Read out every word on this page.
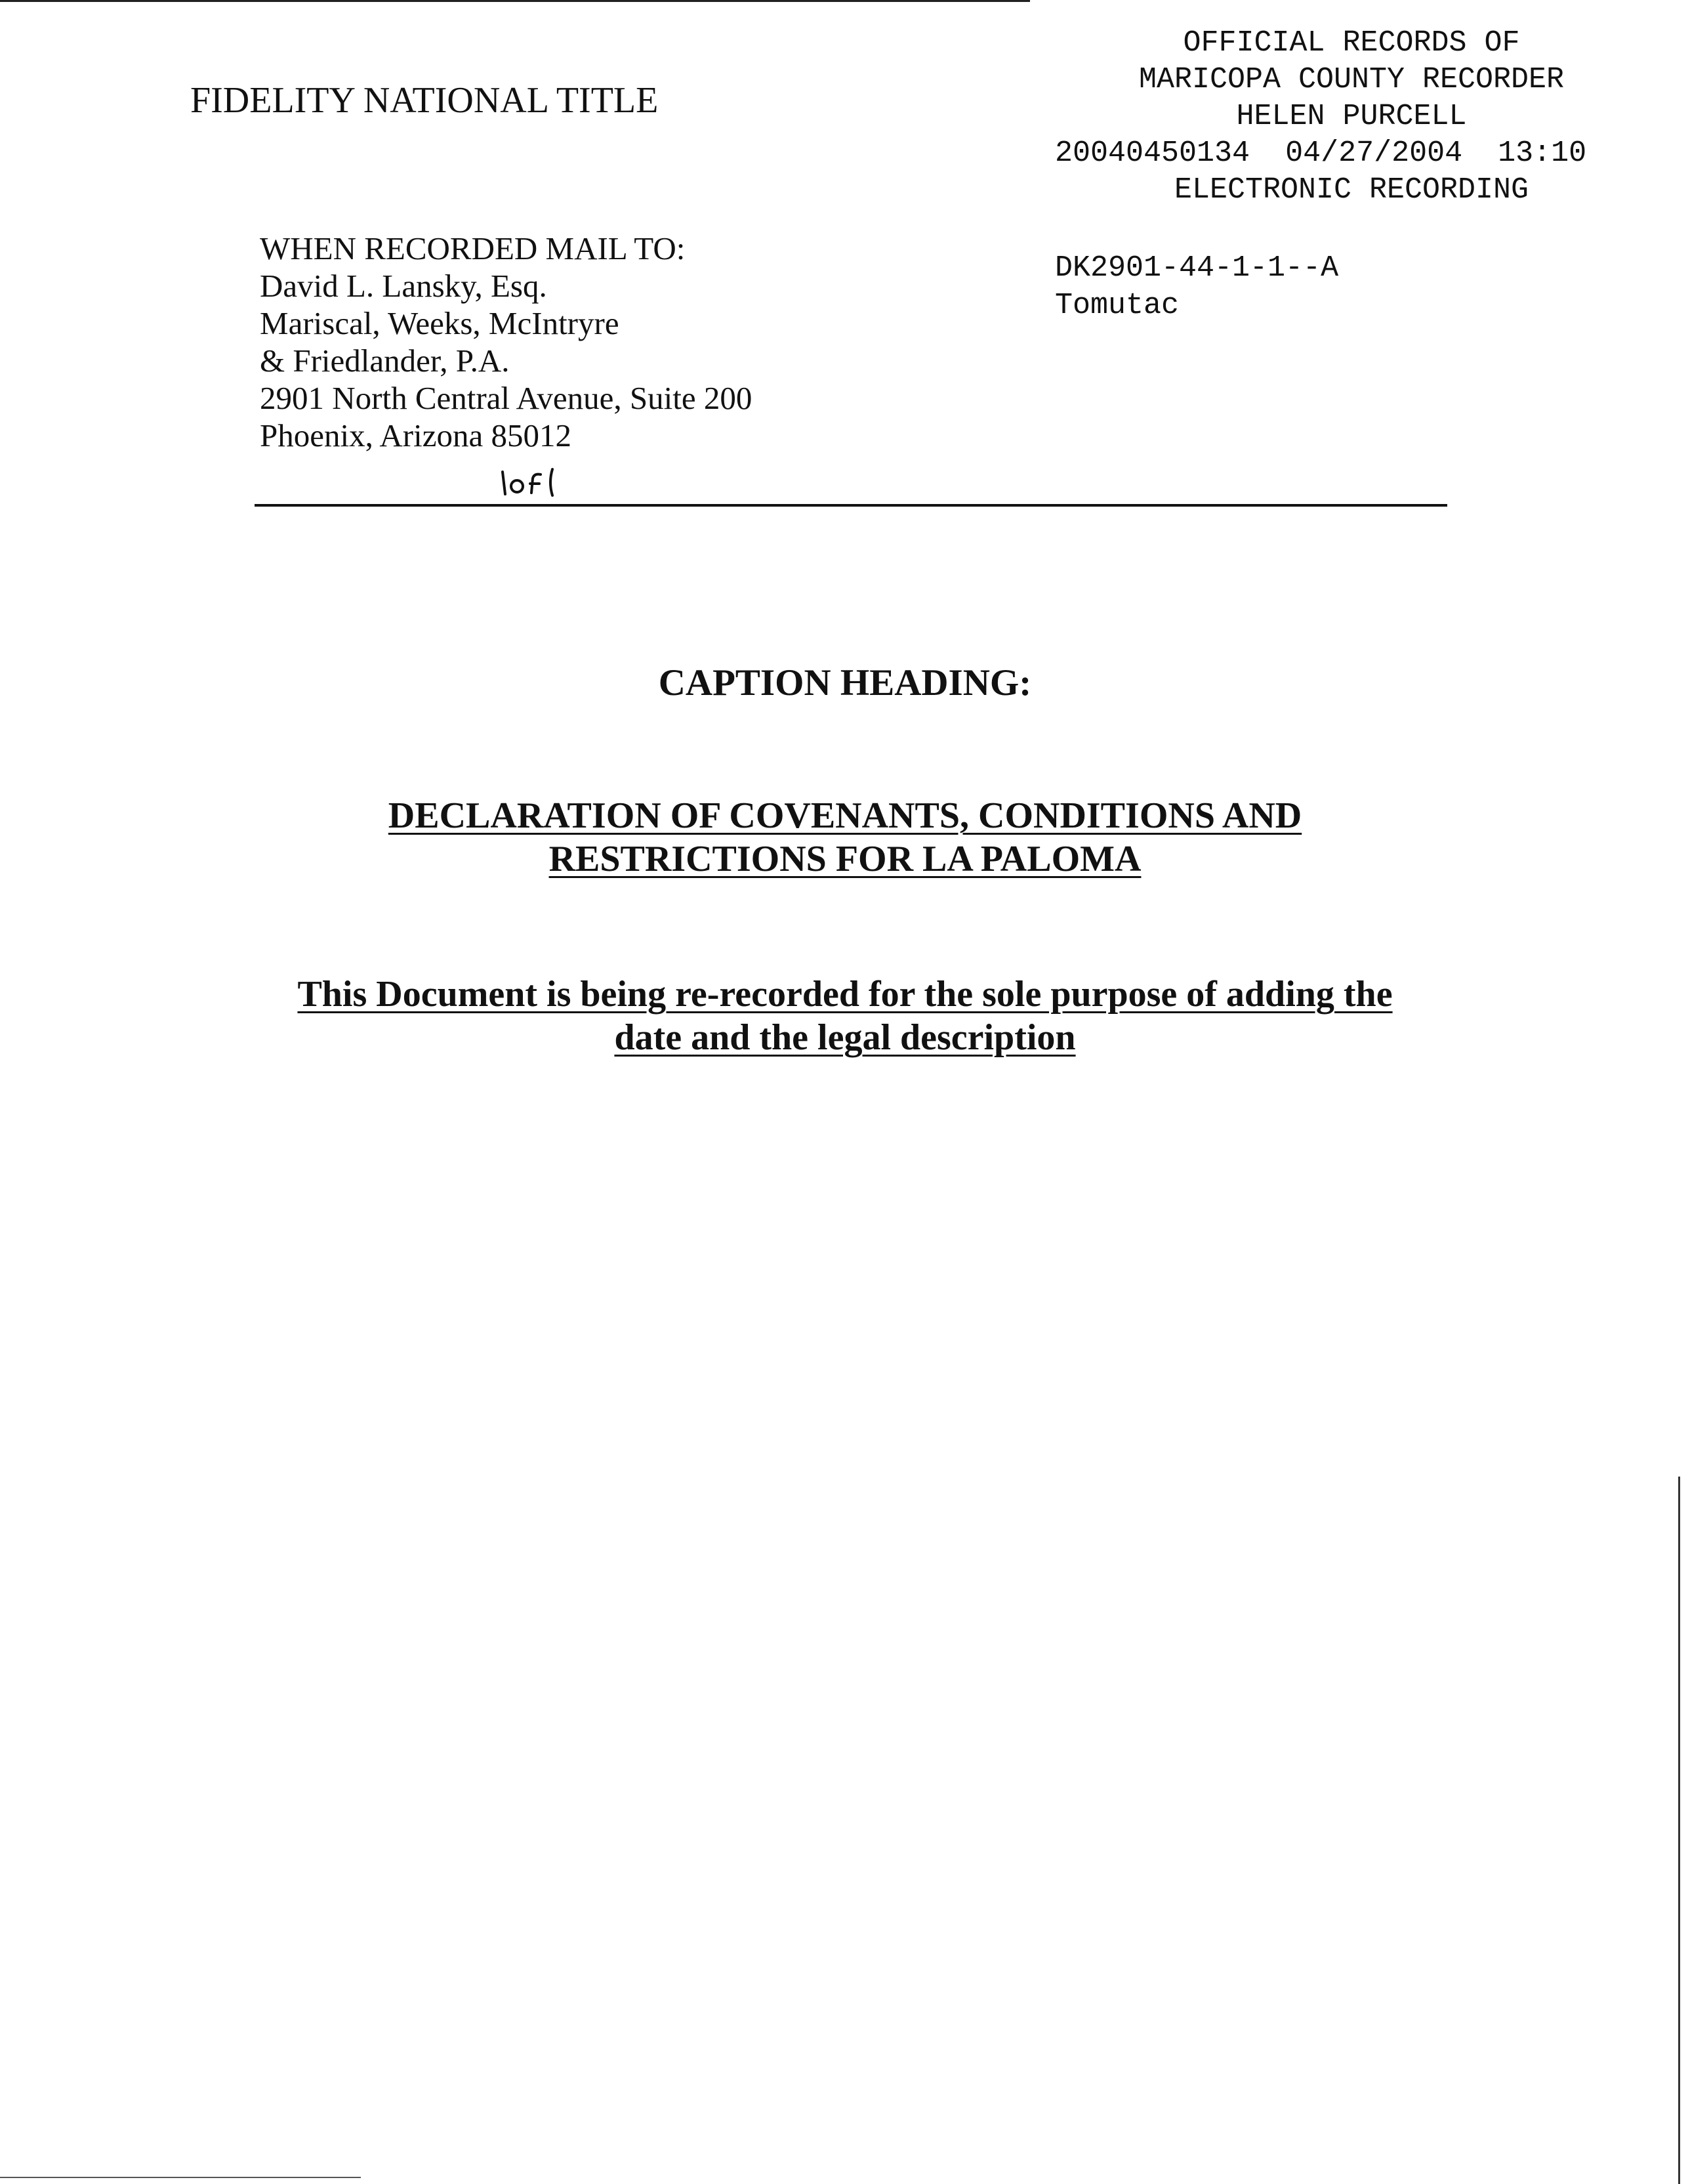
FIDELITY NATIONAL TITLE
OFFICIAL RECORDS OF
MARICOPA COUNTY RECORDER
HELEN PURCELL
20040450134 04/27/2004 13:10
ELECTRONIC RECORDING
DK2901-44-1-1--A
Tomutac
WHEN RECORDED MAIL TO:
David L. Lansky, Esq.
Mariscal, Weeks, McIntryre
& Friedlander, P.A.
2901 North Central Avenue, Suite 200
Phoenix, Arizona 85012
CAPTION HEADING:
DECLARATION OF COVENANTS, CONDITIONS AND
RESTRICTIONS FOR LA PALOMA
This Document is being re-recorded for the sole purpose of adding the
date and the legal description
